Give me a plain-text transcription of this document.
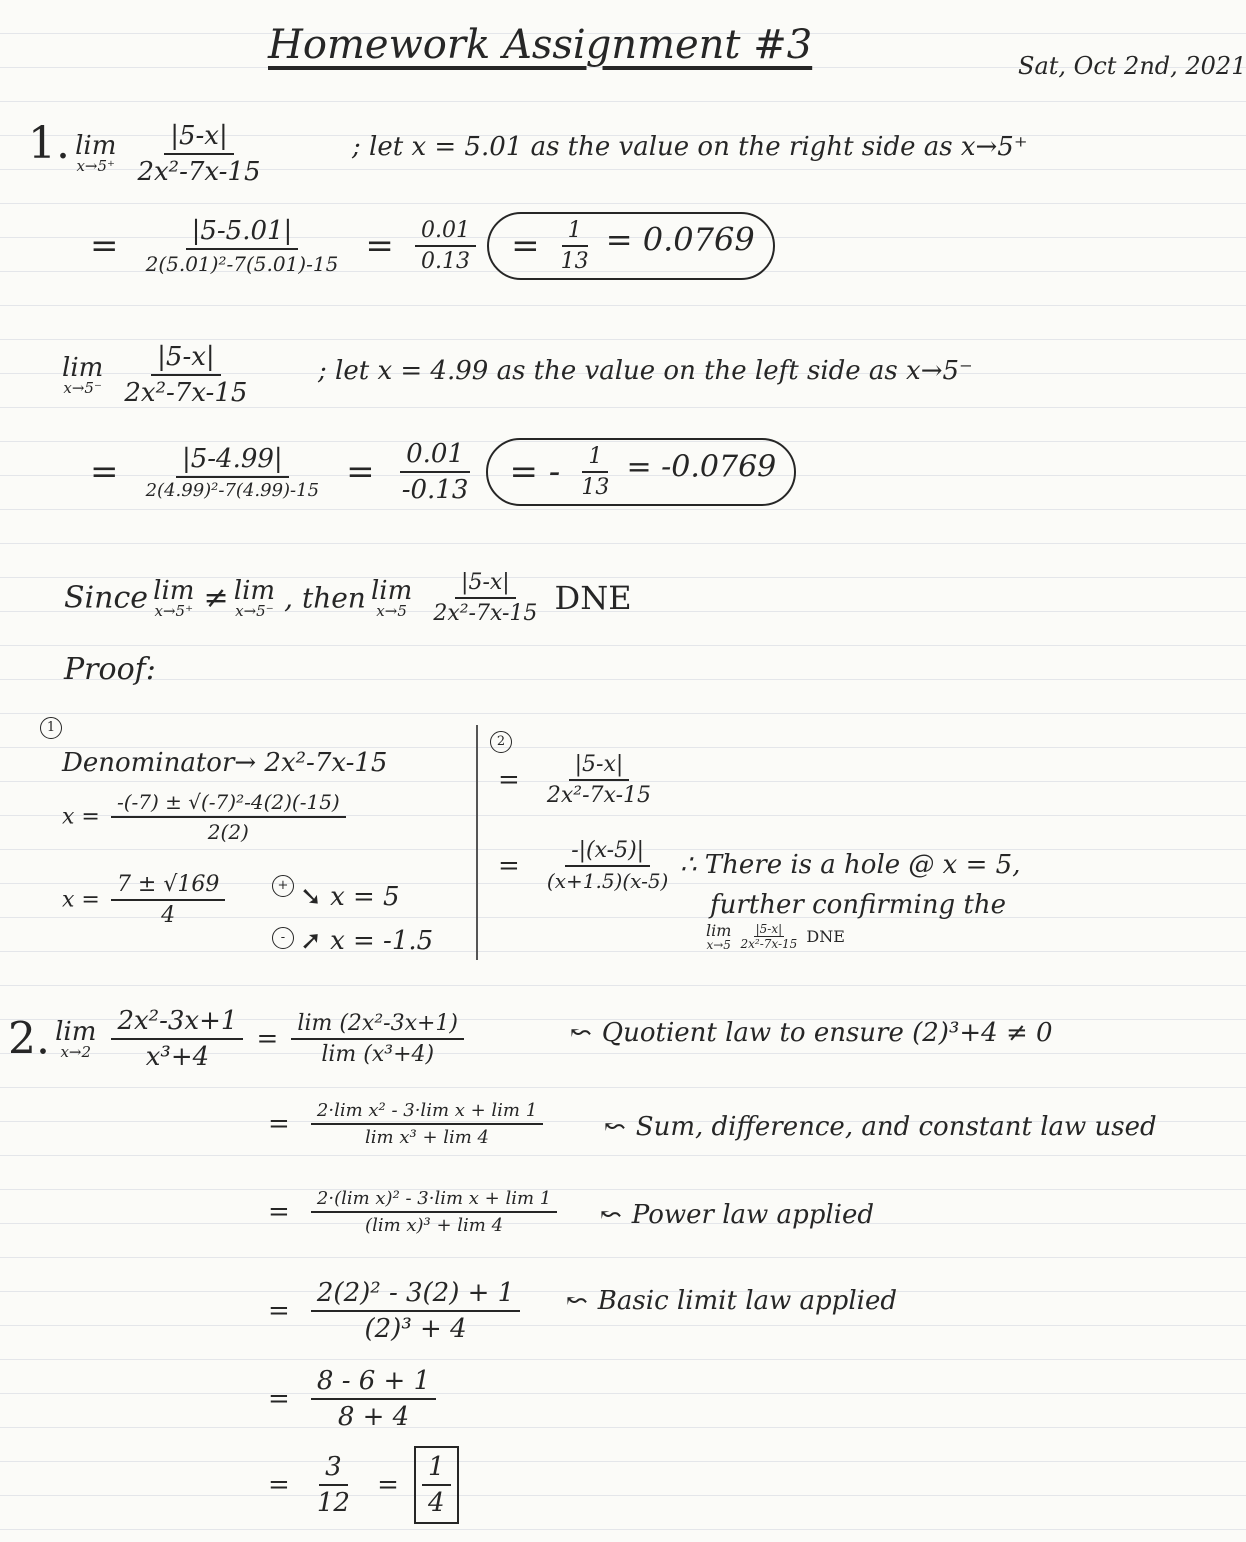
Homework Assignment #3	Sat, Oct 2nd, 2021
1. lim
x→5⁺
$\frac{|5-x|}{\text{2x²-7x-15}}$	; let x = 5.01 as the value on the right side as x→5⁺
= $\frac{|5-5.01|}{\text{2(5.01)²-7(5.01)-15}} = \frac{0.01}{0.13} = \frac{1}{13} = 0.0769$
lim
x→5⁻
$\frac{|5-x|}{\text{2x²-7x-15}}$ ; let x = 4.99 as the value on the left side as x→5⁻
= $\frac{|5-4.99|}{\text{2(4.99)²-7(4.99)-15}} = \frac{0.01}{-0.13}$ = - $\frac{1}{13} = -0.0769$
Since lim
x→5⁺ ≠ lim
x→5⁻ , then lim
x→5
$\frac{|5-x|}{\text{2x²-7x-15}}$ DNE
Proof:
1
Denominator→ 2x²-7x-15
$x = \frac{\text{-(-7) ± √(-7)²-4(2)(-15)}}{2(2)}$
$x = \frac{7 \pm √169}{4}$	+
-
➘ x = 5
➚ x = -1.5
2
= $\frac{|5-x|}{\text{2x²-7x-15}}$
= $\frac{-|(x-5)|}{(x+1.5)(x-5)}$ ∴ There is a hole @ x = 5,
further confirming the
lim
x→5
$\frac{|5-x|}{\text{2x²-7x-15}}$ DNE
2. lim
x→2
$\frac{\text{2x²-3x+1}}{\text{x³+4}} = \frac{\text{lim (2x²-3x+1)}}{\text{lim (x³+4)}}$	↜ Quotient law to ensure (2)³+4 ≠ 0
= $\frac{\text{2·lim x² - 3·lim x + lim 1}}{\text{lim x³ + lim 4}}$ ↜ Sum, difference, and constant law used
= $\frac{\text{2·(lim x)² - 3·lim x + lim 1}}{\text{(lim x)³ + lim 4}}$ ↜ Power law applied
= $\frac{\text{2(2)² - 3(2) + 1}}{\text{(2)³ + 4}}$ ↜ Basic limit law applied
= $\frac{8 - 6 + 1}{8 + 4}$
= $\frac{3}{12} = \frac{1}{4}$
